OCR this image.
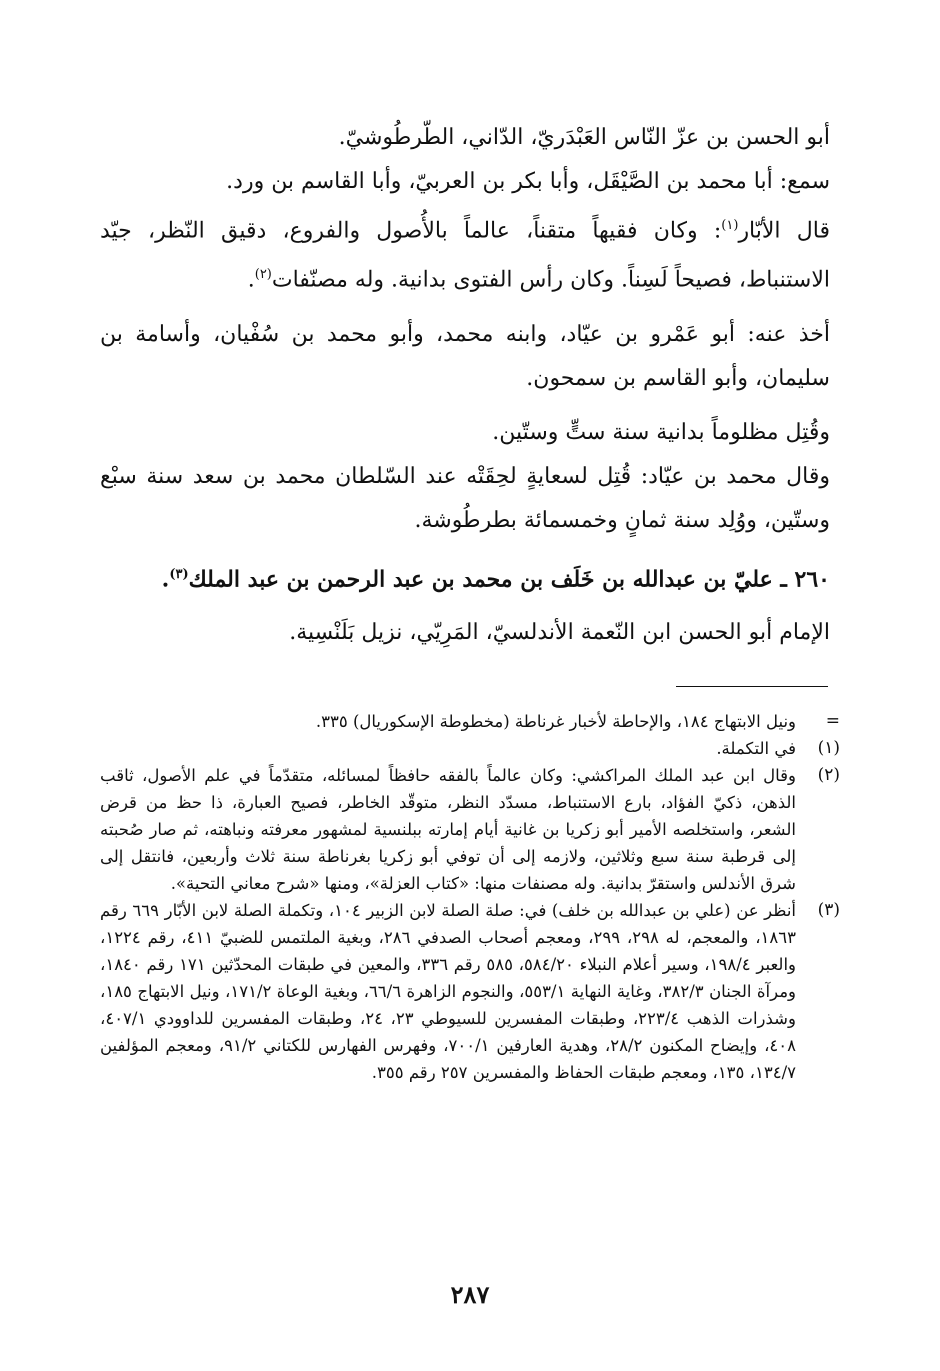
أبو الحسن بن عزّ النّاس العَبْدَريّ، الدّاني، الطّرطُوشيّ.

سمع: أبا محمد بن الصَّيْقَل، وأبا بكر بن العربيّ، وأبا القاسم بن ورد.

قال الأبّار$^{(١)}$: وكان فقيهاً متقناً، عالماً بالأُصول والفروع، دقيق النّظر، جيّد الاستنباط، فصيحاً لَسِناً. وكان رأس الفتوى بدانية. وله مصنّفات$^{(٢)}$.

أخذ عنه: أبو عَمْرو بن عيّاد، وابنه محمد، وأبو محمد بن سُفْيان، وأسامة بن سليمان، وأبو القاسم بن سمحون.

وقُتِل مظلوماً بدانية سنة ستٍّ وستّين.

وقال محمد بن عيّاد: قُتِل لسعايةٍ لحِقَتْه عند السّلطان محمد بن سعد سنة سبْع وستّين، ووُلِد سنة ثمانٍ وخمسمائة بطرطُوشة.

٢٦٠ ـ عليّ بن عبدالله بن خَلَف بن محمد بن عبد الرحمن بن عبد الملك$^{(٣)}$.

الإمام أبو الحسن ابن النّعمة الأندلسيّ، المَرِيّي، نزيل بَلَنْسِية.

=
ونيل الابتهاج ١٨٤، والإحاطة لأخبار غرناطة (مخطوطة الإسكوريال) ٣٣٥.
(١)
في التكملة.
(٢)
وقال ابن عبد الملك المراكشي: وكان عالماً بالفقه حافظاً لمسائله، متقدّماً في علم الأصول، ثاقب الذهن، ذكيّ الفؤاد، بارع الاستنباط، مسدّد النظر، متوقّد الخاطر، فصيح العبارة، ذا حظ من قرض الشعر، واستخلصه الأمير أبو زكريا بن غانية أيام إمارته ببلنسية لمشهور معرفته ونباهته، ثم صار صُحبته إلى قرطبة سنة سبع وثلاثين، ولازمه إلى أن توفي أبو زكريا بغرناطة سنة ثلاث وأربعين، فانتقل إلى شرق الأندلس واستقرّ بدانية. وله مصنفات منها: «كتاب العزلة»، ومنها «شرح معاني التحية».
(٣)
أنظر عن (علي بن عبدالله بن خلف) في: صلة الصلة لابن الزبير ١٠٤، وتكملة الصلة لابن الأبّار ٦٦٩ رقم ١٨٦٣، والمعجم، له ٢٩٨، ٢٩٩، ومعجم أصحاب الصدفي ٢٨٦، وبغية الملتمس للضبيّ ٤١١، رقم ١٢٢٤، والعبر ١٩٨/٤، وسير أعلام النبلاء ٥٨٤/٢٠، ٥٨٥ رقم ٣٣٦، والمعين في طبقات المحدّثين ١٧١ رقم ١٨٤٠، ومرآة الجنان ٣٨٢/٣، وغاية النهاية ٥٥٣/١، والنجوم الزاهرة ٦٦/٦، وبغية الوعاة ١٧١/٢، ونيل الابتهاج ١٨٥، وشذرات الذهب ٢٢٣/٤، وطبقات المفسرين للسيوطي ٢٣، ٢٤، وطبقات المفسرين للداوودي ٤٠٧/١، ٤٠٨، وإيضاح المكنون ٢٨/٢، وهدية العارفين ٧٠٠/١، وفهرس الفهارس للكتاني ٩١/٢، ومعجم المؤلفين ١٣٤/٧، ١٣٥، ومعجم طبقات الحفاظ والمفسرين ٢٥٧ رقم ٣٥٥.
٢٨٧
